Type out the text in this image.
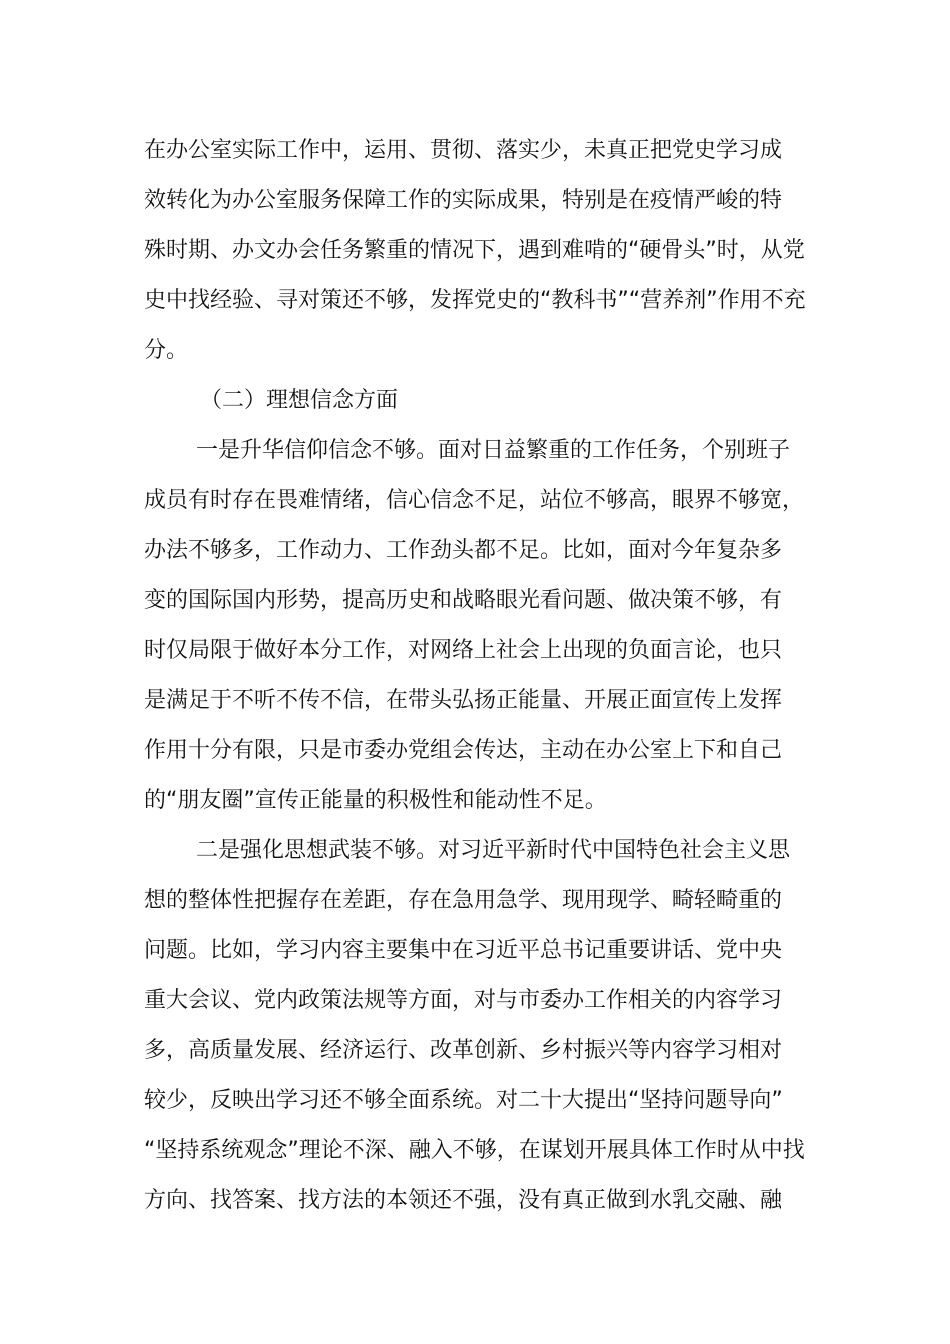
在办公室实际工作中，运用、贯彻、落实少，未真正把党史学习成
效转化为办公室服务保障工作的实际成果，特别是在疫情严峻的特
殊时期、办文办会任务繁重的情况下，遇到难啃的“硬骨头”时，从党
史中找经验、寻对策还不够，发挥党史的“教科书”“营养剂”作用不充
分。
（二）理想信念方面
一是升华信仰信念不够。面对日益繁重的工作任务，个别班子
成员有时存在畏难情绪，信心信念不足，站位不够高，眼界不够宽，
办法不够多，工作动力、工作劲头都不足。比如，面对今年复杂多
变的国际国内形势，提高历史和战略眼光看问题、做决策不够，有
时仅局限于做好本分工作，对网络上社会上出现的负面言论，也只
是满足于不听不传不信，在带头弘扬正能量、开展正面宣传上发挥
作用十分有限，只是市委办党组会传达，主动在办公室上下和自己
的“朋友圈”宣传正能量的积极性和能动性不足。
二是强化思想武装不够。对习近平新时代中国特色社会主义思
想的整体性把握存在差距，存在急用急学、现用现学、畸轻畸重的
问题。比如，学习内容主要集中在习近平总书记重要讲话、党中央
重大会议、党内政策法规等方面，对与市委办工作相关的内容学习
多，高质量发展、经济运行、改革创新、乡村振兴等内容学习相对
较少，反映出学习还不够全面系统。对二十大提出“坚持问题导向”
“坚持系统观念”理论不深、融入不够，在谋划开展具体工作时从中找
方向、找答案、找方法的本领还不强，没有真正做到水乳交融、融
